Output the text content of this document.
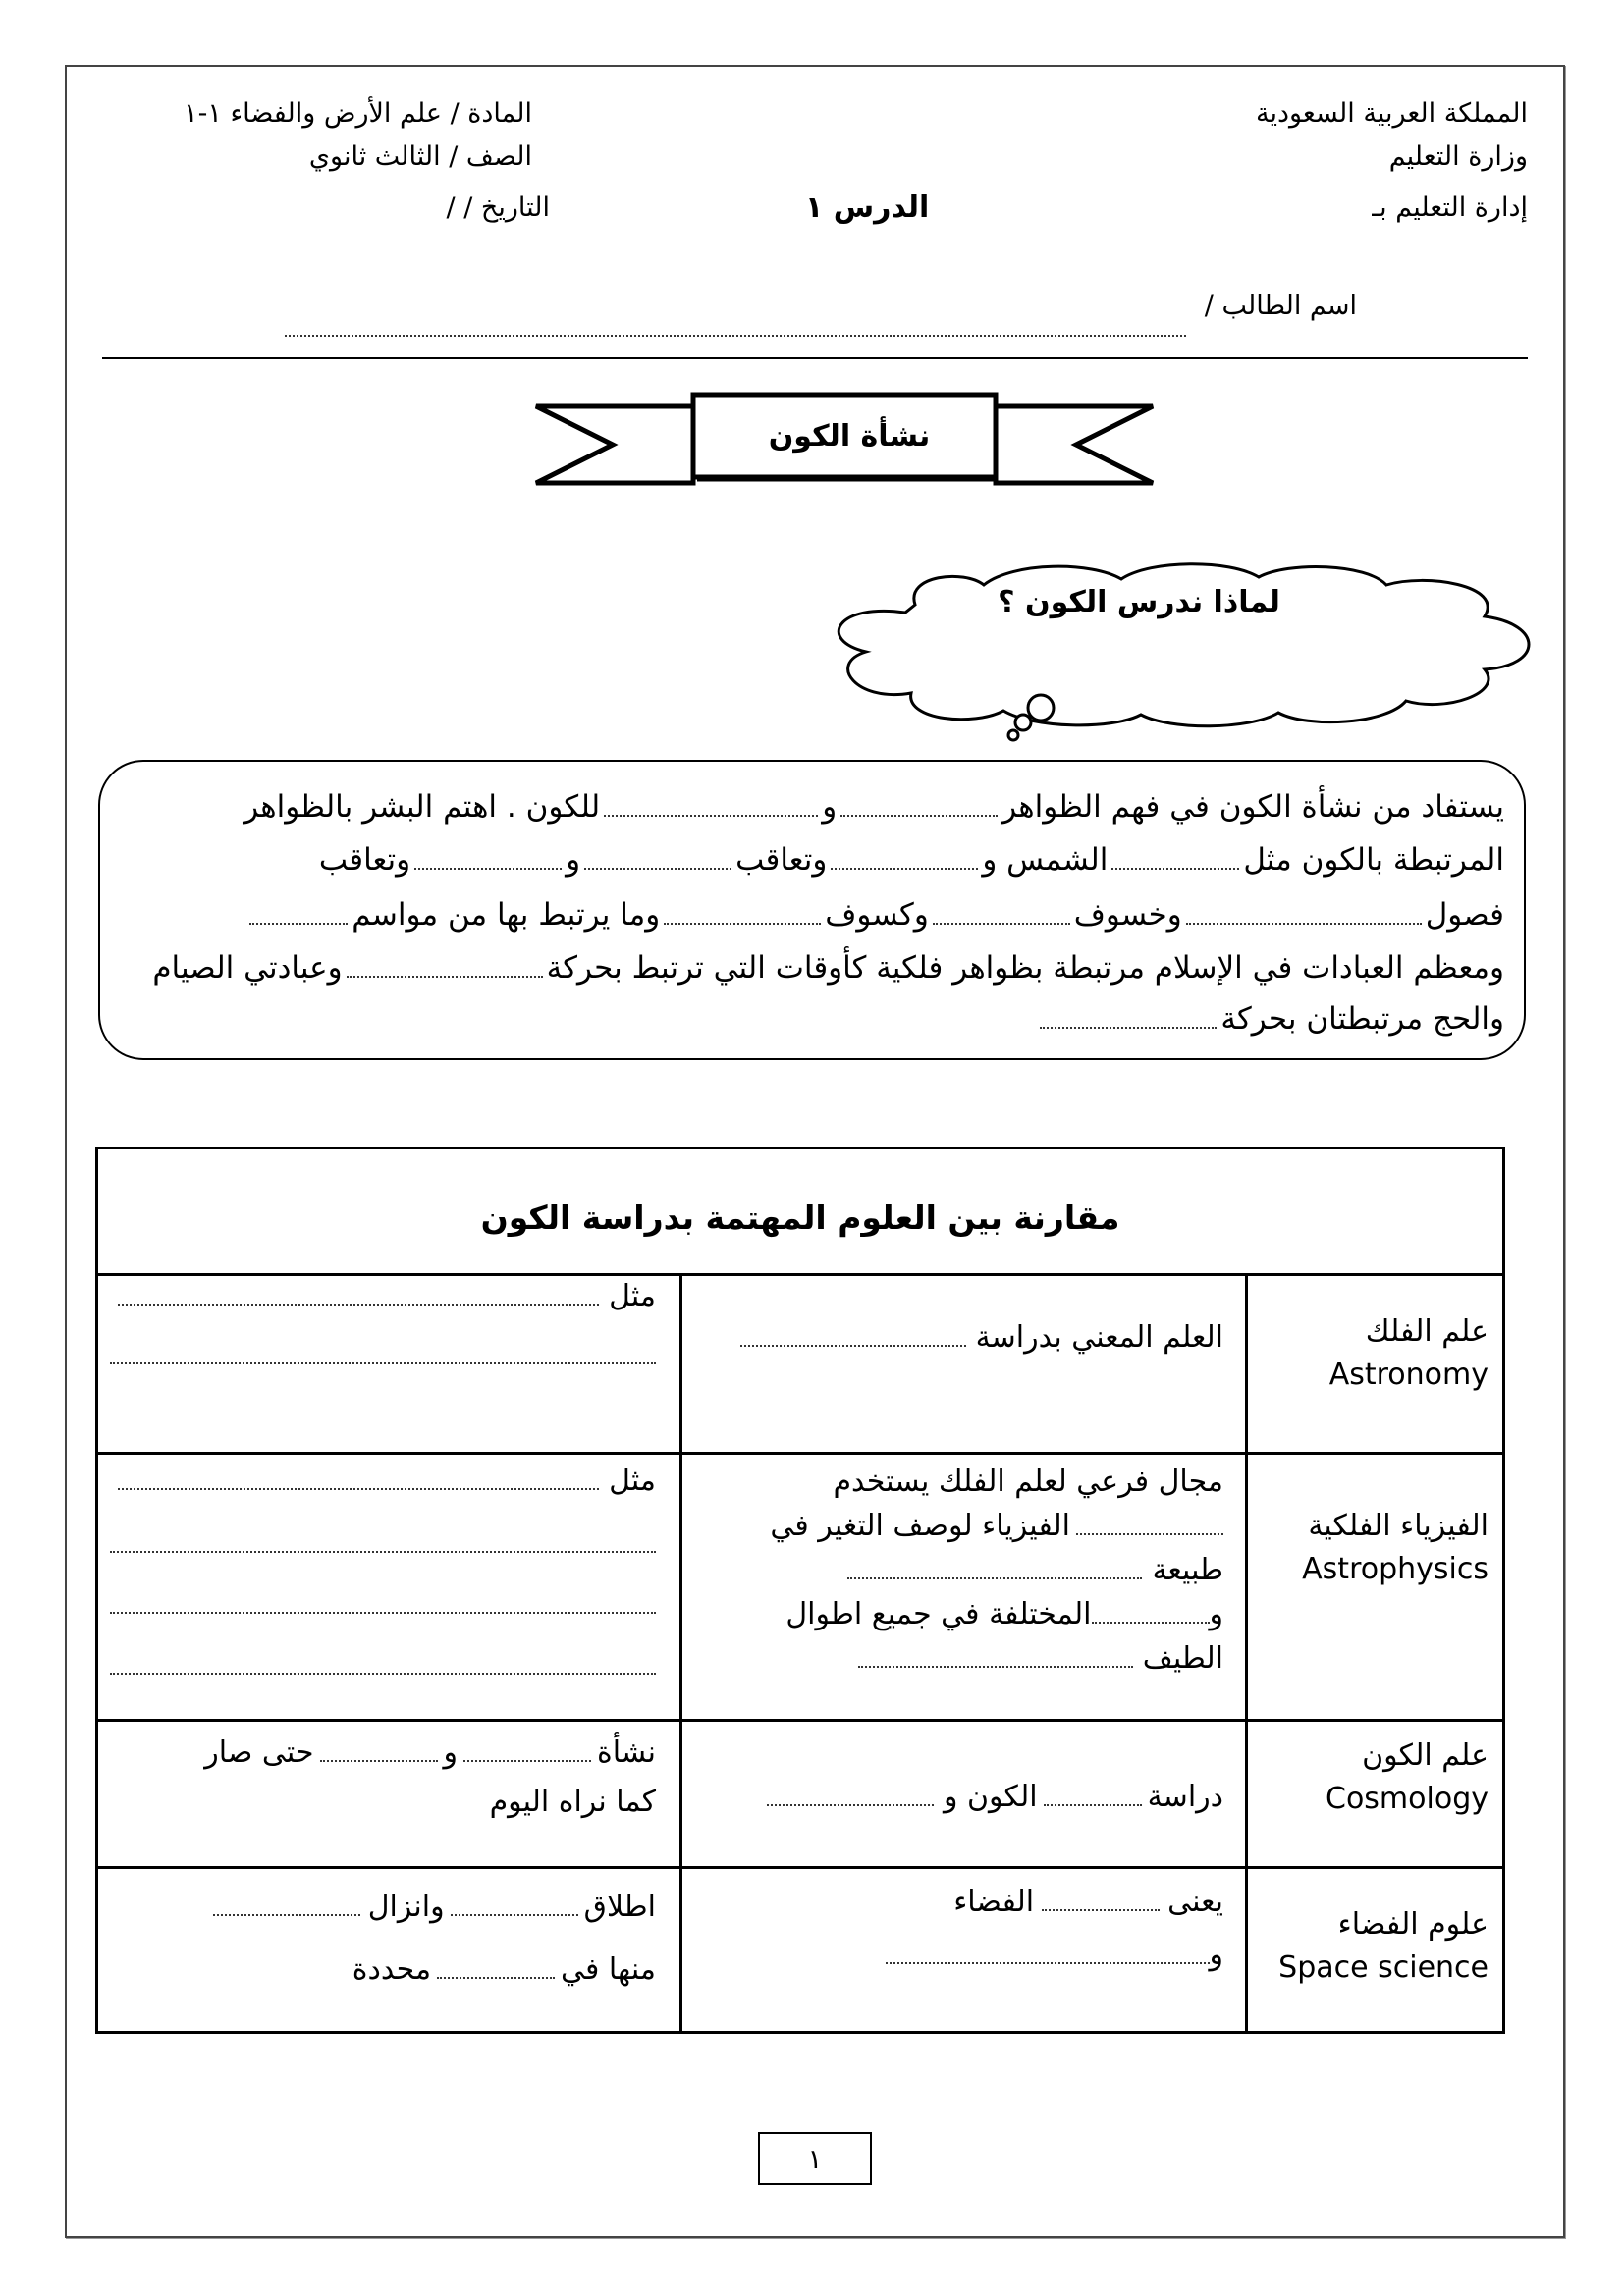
المملكة العربية السعودية
وزارة التعليم
إدارة التعليم بـ
المادة / علم الأرض والفضاء ١-١
الصف / الثالث ثانوي
التاريخ / /	الدرس ١
اسم الطالب /
نشأة الكون
لماذا ندرس الكون ؟
يستفاد من نشأة الكون في فهم الظواهروللكون . اهتم البشر بالظواهر
المرتبطة بالكون مثلالشمس ووتعاقبووتعاقب
فصولوخسوفوكسوفوما يرتبط بها من مواسم
ومعظم العبادات في الإسلام مرتبطة بظواهر فلكية كأوقات التي ترتبط بحركةوعبادتي الصيام
والحج مرتبطتان بحركة
مقارنة بين العلوم المهتمة بدراسة الكون
علم الفلك
Astronomy
العلم المعني بدراسة
مثل
الفيزياء الفلكية
Astrophysics
مجال فرعي لعلم الفلك يستخدم
الفيزياء لوصف التغير في
طبيعة
والمختلفة في جميع اطوال
الطيف
مثل
علم الكون
Cosmology
دراسةالكون و
نشأةوحتى صار
كما نراه اليوم
علوم الفضاء
Space science
يعنىالفضاء
و
اطلاقوانزال
منها فيمحددة
١
